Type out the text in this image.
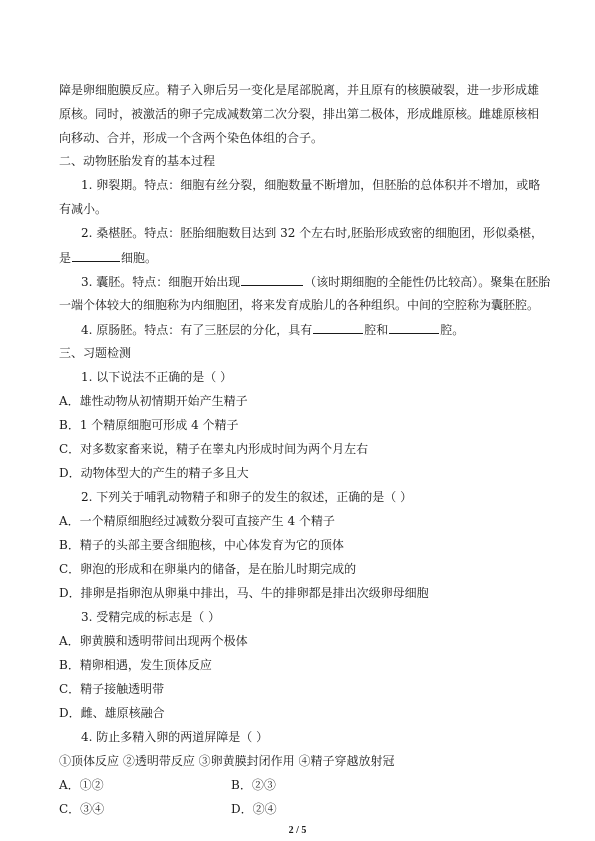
障是卵细胞膜反应。精子入卵后另一变化是尾部脱离，并且原有的核膜破裂，进一步形成雄
原核。同时，被激活的卵子完成减数第二次分裂，排出第二极体，形成雌原核。雌雄原核相
向移动、合并，形成一个含两个染色体组的合子。
二、动物胚胎发育的基本过程
1. 卵裂期。特点：细胞有丝分裂，细胞数量不断增加，但胚胎的总体积并不增加，或略
有减小。
2. 桑椹胚。特点：胚胎细胞数目达到 32 个左右时,胚胎形成致密的细胞团，形似桑椹，
是	细胞。
3. 囊胚。特点：细胞开始出现	（该时期细胞的全能性仍比较高）。聚集在胚胎
一端个体较大的细胞称为内细胞团，将来发育成胎儿的各种组织。中间的空腔称为囊胚腔。
4. 原肠胚。特点：有了三胚层的分化，具有	腔和	腔。
三、习题检测
1. 以下说法不正确的是（ ）
A．雄性动物从初情期开始产生精子
B．1 个精原细胞可形成 4 个精子
C．对多数家畜来说，精子在睾丸内形成时间为两个月左右
D．动物体型大的产生的精子多且大
2. 下列关于哺乳动物精子和卵子的发生的叙述，正确的是（ ）
A．一个精原细胞经过减数分裂可直接产生 4 个精子
B．精子的头部主要含细胞核，中心体发育为它的顶体
C．卵泡的形成和在卵巢内的储备，是在胎儿时期完成的
D．排卵是指卵泡从卵巢中排出，马、牛的排卵都是排出次级卵母细胞
3. 受精完成的标志是（ ）
A．卵黄膜和透明带间出现两个极体
B．精卵相遇，发生顶体反应
C．精子接触透明带
D．雌、雄原核融合
4. 防止多精入卵的两道屏障是（ ）
①顶体反应 ②透明带反应 ③卵黄膜封闭作用 ④精子穿越放射冠
A．①②	B．②③
C．③④	D．②④
2 / 5
